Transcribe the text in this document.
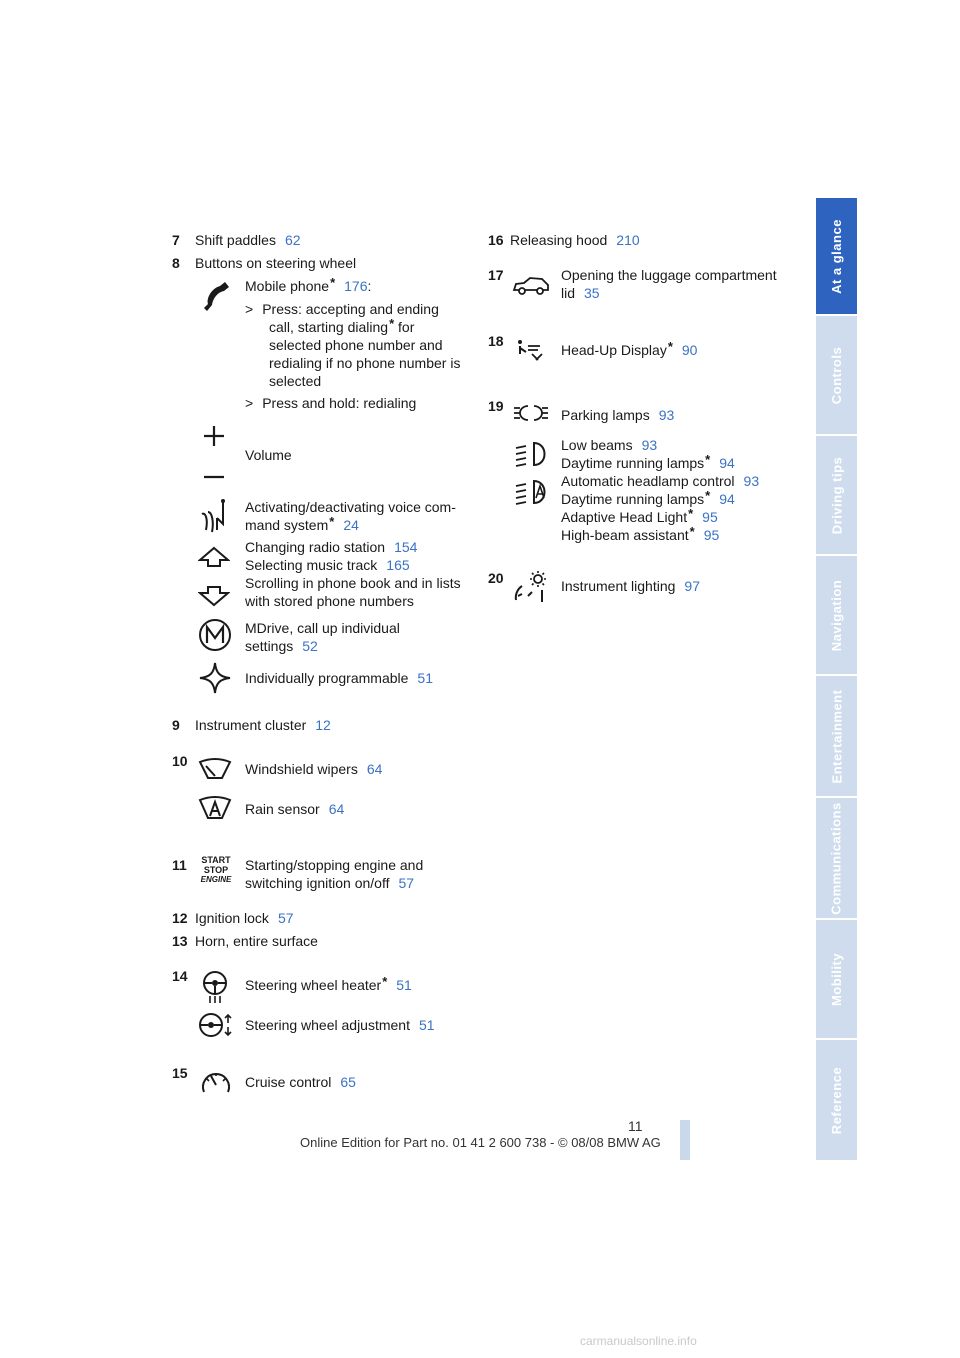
At a glance
Controls
Driving tips
Navigation
Entertainment
Communications
Mobility
Reference
7 Shift paddles 62
8 Buttons on steering wheel
Mobile phone* 176:
> Press: accepting and ending
call, starting dialing* for
selected phone number and
redialing if no phone number is
selected
> Press and hold: redialing
Volume
Activating/deactivating voice com-
mand system* 24
Changing radio station 154
Selecting music track 165
Scrolling in phone book and in lists
with stored phone numbers
MDrive, call up individual
settings 52
Individually programmable 51
9 Instrument cluster 12
10	Windshield wipers 64
Rain sensor 64
11	START
STOP
ENGINE
Starting/stopping engine and
switching ignition on/off 57
12 Ignition lock 57
13 Horn, entire surface
14
Steering wheel heater* 51
Steering wheel adjustment 51
15
Cruise control 65
16 Releasing hood 210
17	Opening the luggage compartment
lid 35
18
Head-Up Display* 90
19
Parking lamps 93
Low beams 93
Daytime running lamps* 94
Automatic headlamp control 93
Daytime running lamps* 94
Adaptive Head Light* 95
High-beam assistant* 95
20	Instrument lighting 97
11
Online Edition for Part no. 01 41 2 600 738 - © 08/08 BMW AG
carmanualsonline.info
